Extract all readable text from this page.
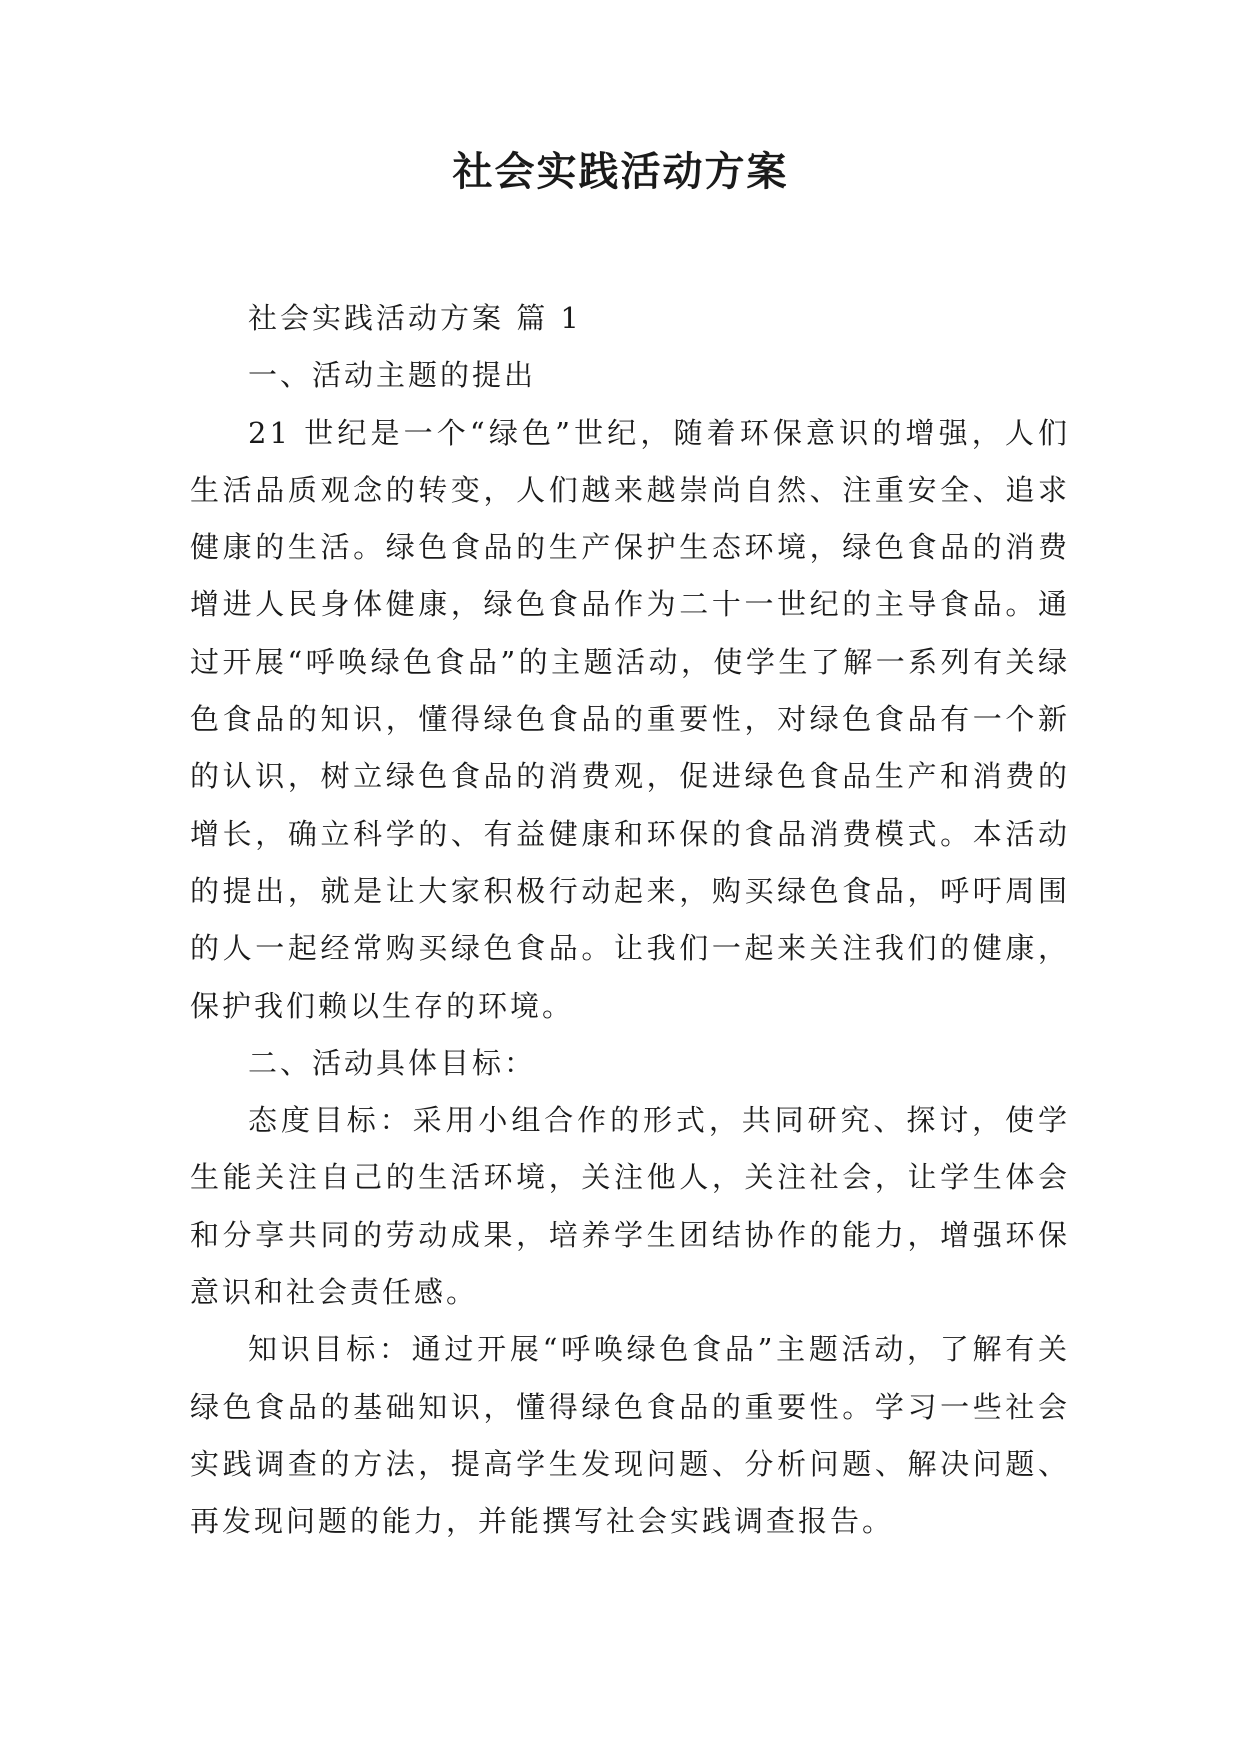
社会实践活动方案

社会实践活动方案 篇 1

一、活动主题的提出

21 世纪是一个“绿色”世纪，随着环保意识的增强，人们生活品质观念的转变，人们越来越崇尚自然、注重安全、追求健康的生活。绿色食品的生产保护生态环境，绿色食品的消费增进人民身体健康，绿色食品作为二十一世纪的主导食品。通过开展“呼唤绿色食品”的主题活动，使学生了解一系列有关绿色食品的知识，懂得绿色食品的重要性，对绿色食品有一个新的认识，树立绿色食品的消费观，促进绿色食品生产和消费的增长，确立科学的、有益健康和环保的食品消费模式。本活动的提出，就是让大家积极行动起来，购买绿色食品，呼吁周围的人一起经常购买绿色食品。让我们一起来关注我们的健康，保护我们赖以生存的环境。

二、活动具体目标：

态度目标：采用小组合作的形式，共同研究、探讨，使学生能关注自己的生活环境，关注他人，关注社会，让学生体会和分享共同的劳动成果，培养学生团结协作的能力，增强环保意识和社会责任感。

知识目标：通过开展“呼唤绿色食品”主题活动，了解有关绿色食品的基础知识，懂得绿色食品的重要性。学习一些社会实践调查的方法，提高学生发现问题、分析问题、解决问题、再发现问题的能力，并能撰写社会实践调查报告。
